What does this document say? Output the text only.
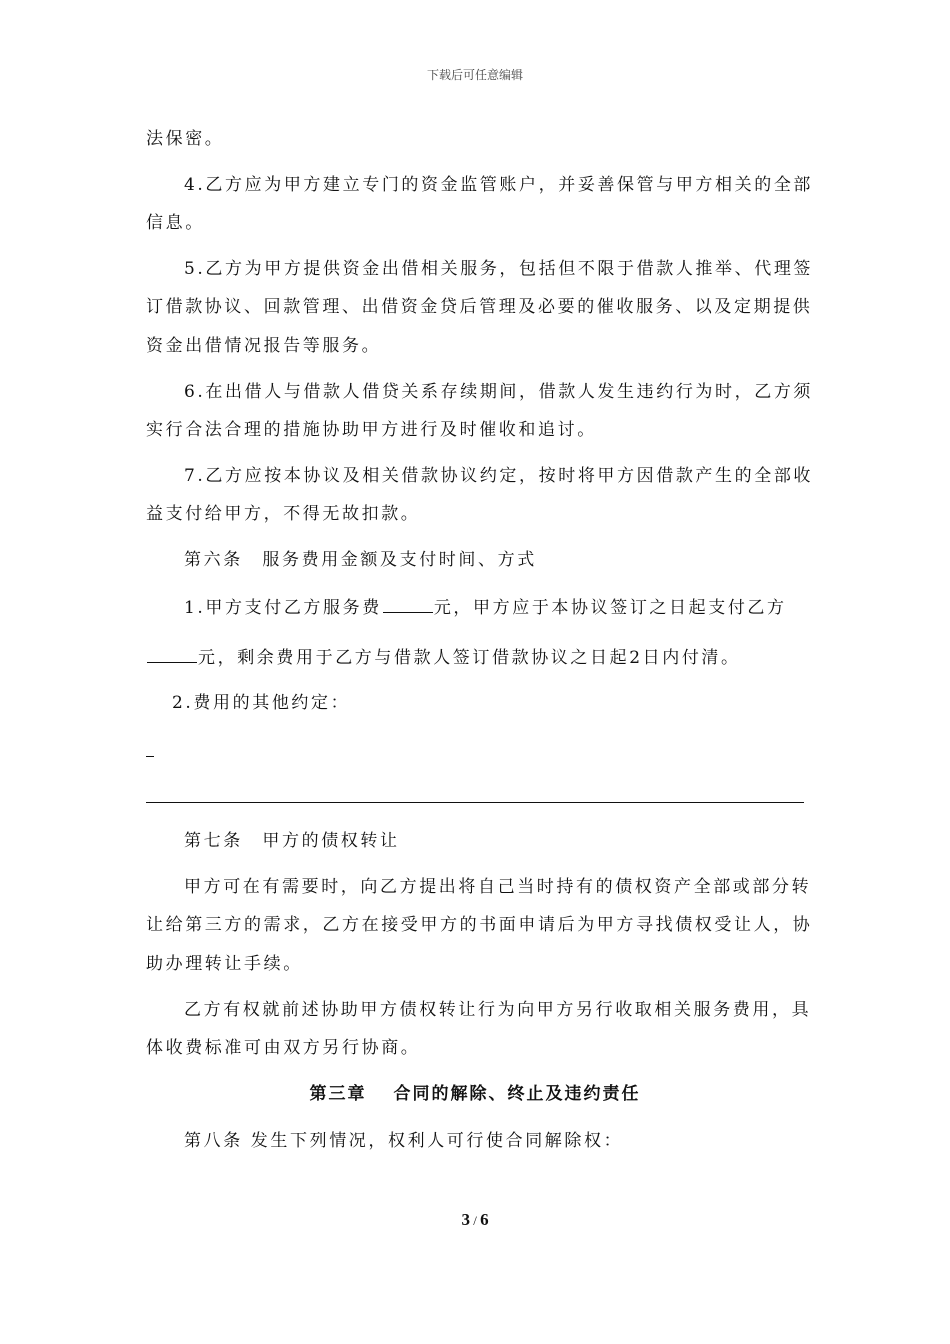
下载后可任意编辑
法保密。
4.乙方应为甲方建立专门的资金监管账户，并妥善保管与甲方相关的全部
信息。
5.乙方为甲方提供资金出借相关服务，包括但不限于借款人推举、代理签
订借款协议、回款管理、出借资金贷后管理及必要的催收服务、以及定期提供
资金出借情况报告等服务。
6.在出借人与借款人借贷关系存续期间，借款人发生违约行为时，乙方须
实行合法合理的措施协助甲方进行及时催收和追讨。
7.乙方应按本协议及相关借款协议约定，按时将甲方因借款产生的全部收
益支付给甲方，不得无故扣款。
第六条　服务费用金额及支付时间、方式
1.甲方支付乙方服务费	元，甲方应于本协议签订之日起支付乙方
元，剩余费用于乙方与借款人签订借款协议之日起2日内付清。
2.费用的其他约定：
第七条　甲方的债权转让
甲方可在有需要时，向乙方提出将自己当时持有的债权资产全部或部分转
让给第三方的需求，乙方在接受甲方的书面申请后为甲方寻找债权受让人，协
助办理转让手续。
乙方有权就前述协助甲方债权转让行为向甲方另行收取相关服务费用，具
体收费标准可由双方另行协商。
第三章　 合同的解除、终止及违约责任
第八条 发生下列情况，权利人可行使合同解除权：
3 / 6
